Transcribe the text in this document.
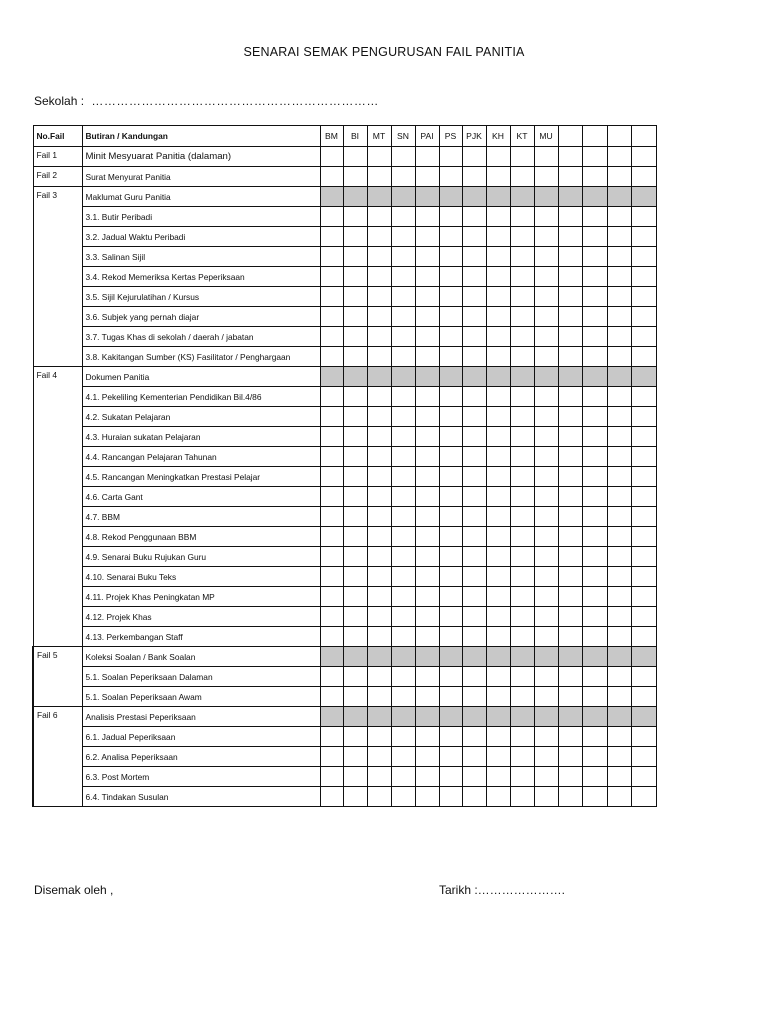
SENARAI SEMAK PENGURUSAN FAIL PANITIA
Sekolah : ……………………………………………………………
No.Fail	Butiran / Kandungan	BM	BI	MT	SN	PAI	PS	PJK	KH	KT	MU				
Fail 1	Minit Mesyuarat Panitia (dalaman)														
Fail 2	Surat Menyurat Panitia														
Fail 3	Maklumat Guru Panitia														
	3.1. Butir Peribadi														
	3.2. Jadual Waktu Peribadi														
	3.3. Salinan Sijil														
	3.4. Rekod Memeriksa Kertas Peperiksaan														
	3.5. Sijil Kejurulatihan / Kursus														
	3.6. Subjek yang pernah diajar														
	3.7. Tugas Khas di sekolah / daerah / jabatan														
	3.8. Kakitangan Sumber (KS) Fasilitator / Penghargaan														
Fail 4	Dokumen Panitia														
	4.1. Pekeliling Kementerian Pendidikan Bil.4/86														
	4.2. Sukatan Pelajaran														
	4.3. Huraian sukatan Pelajaran														
	4.4. Rancangan Pelajaran Tahunan														
	4.5. Rancangan Meningkatkan Prestasi Pelajar														
	4.6. Carta Gant														
	4.7. BBM														
	4.8. Rekod Penggunaan BBM														
	4.9. Senarai Buku Rujukan Guru														
	4.10. Senarai Buku Teks														
	4.11. Projek Khas Peningkatan MP														
	4.12. Projek Khas														
	4.13. Perkembangan Staff														
Fail 5	Koleksi Soalan / Bank Soalan														
	5.1. Soalan Peperiksaan Dalaman														
	5.1. Soalan Peperiksaan Awam														
Fail 6	Analisis Prestasi Peperiksaan														
	6.1. Jadual Peperiksaan														
	6.2. Analisa Peperiksaan														
	6.3. Post Mortem														
	6.4. Tindakan Susulan														
Disemak oleh ,	Tarikh :………………….
